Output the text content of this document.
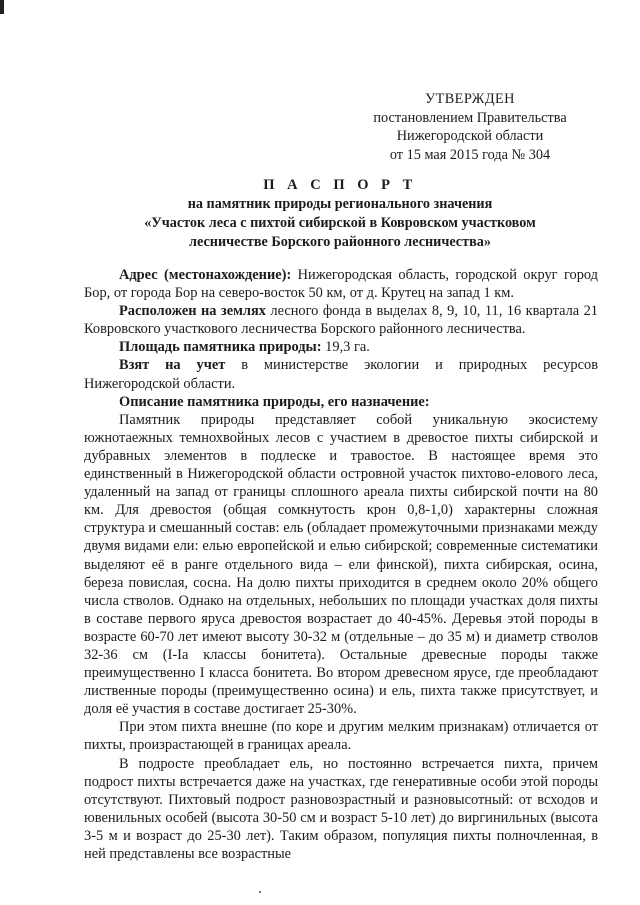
УТВЕРЖДЕН
постановлением Правительства
Нижегородской области
от 15 мая 2015 года № 304
П А С П О Р Т
на памятник природы регионального значения
«Участок леса с пихтой сибирской в Ковровском участковом
лесничестве Борского районного лесничества»

Адрес (местонахождение): Нижегородская область, городской округ город Бор, от города Бор на северо-восток 50 км, от д. Крутец на запад 1 км.

Расположен на землях лесного фонда в выделах 8, 9, 10, 11, 16 квартала 21 Ковровского участкового лесничества Борского районного лесничества.

Площадь памятника природы: 19,3 га.

Взят на учет в министерстве экологии и природных ресурсов Нижегородской области.

Описание памятника природы, его назначение:

Памятник природы представляет собой уникальную экосистему южнотаежных темнохвойных лесов с участием в древостое пихты сибирской и дубравных элементов в подлеске и травостое. В настоящее время это единственный в Нижегородской области островной участок пихтово-елового леса, удаленный на запад от границы сплошного ареала пихты сибирской почти на 80 км. Для древостоя (общая сомкнутость крон 0,8-1,0) характерны сложная структура и смешанный состав: ель (обладает промежуточными признаками между двумя видами ели: елью европейской и елью сибирской; современные систематики выделяют её в ранге отдельного вида – ели финской), пихта сибирская, осина, береза повислая, сосна. На долю пихты приходится в среднем около 20% общего числа стволов. Однако на отдельных, небольших по площади участках доля пихты в составе первого яруса древостоя возрастает до 40-45%. Деревья этой породы в возрасте 60-70 лет имеют высоту 30-32 м (отдельные – до 35 м) и диаметр стволов 32-36 см (I-Ia классы бонитета). Остальные древесные породы также преимущественно I класса бонитета. Во втором древесном ярусе, где преобладают лиственные породы (преимущественно осина) и ель, пихта также присутствует, и доля её участия в составе достигает 25-30%.

При этом пихта внешне (по коре и другим мелким признакам) отличается от пихты, произрастающей в границах ареала.

В подросте преобладает ель, но постоянно встречается пихта, причем подрост пихты встречается даже на участках, где генеративные особи этой породы отсутствуют. Пихтовый подрост разновозрастный и разновысотный: от всходов и ювенильных особей (высота 30-50 см и возраст 5-10 лет) до виргинильных (высота 3-5 м и возраст до 25-30 лет). Таким образом, популяция пихты полночленная, в ней представлены все возрастные
